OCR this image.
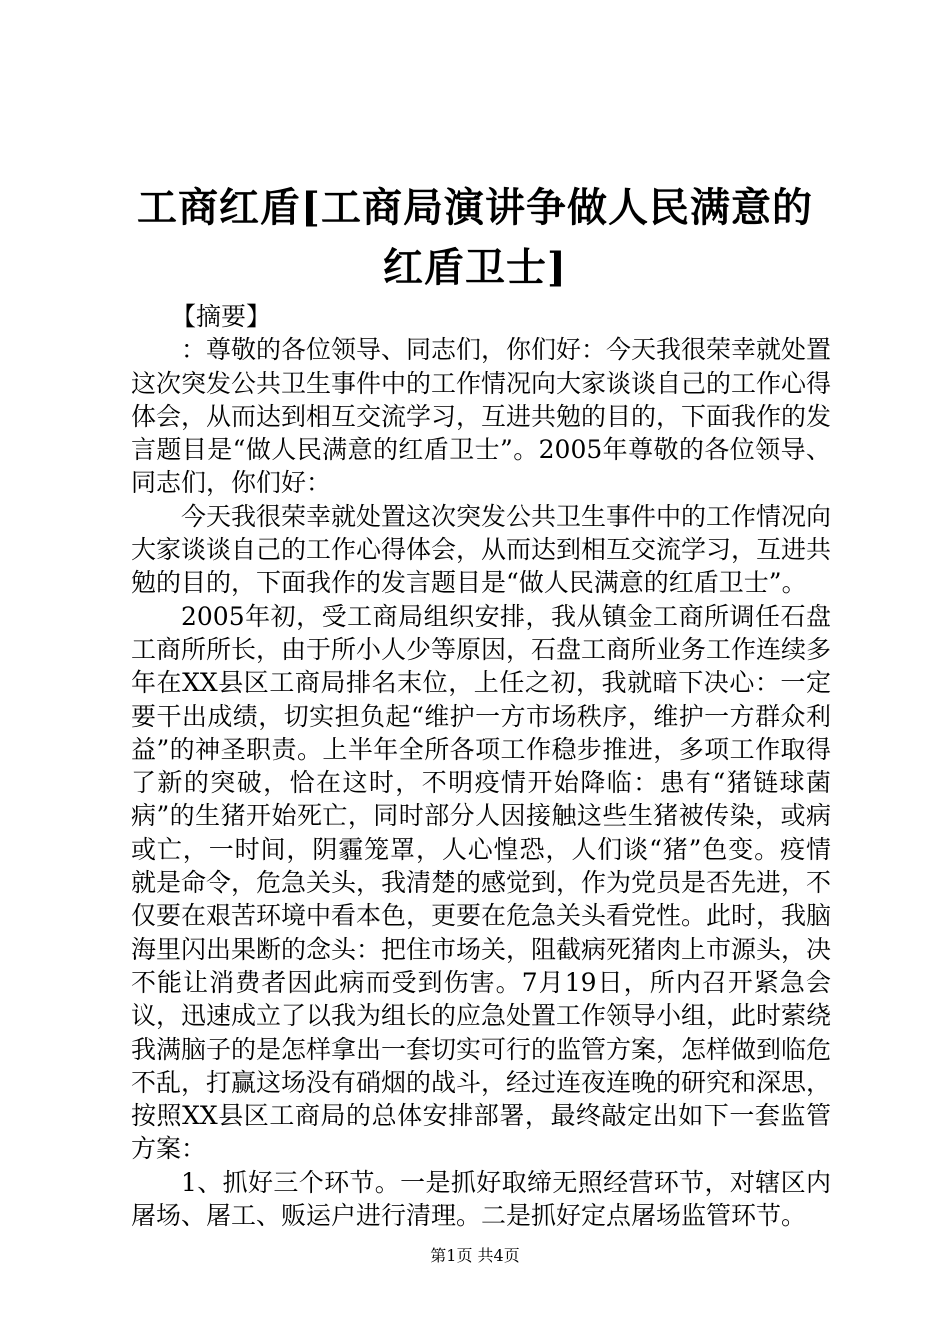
工商红盾[工商局演讲争做人民满意的红盾卫士]

【摘要】

：尊敬的各位领导、同志们，你们好：今天我很荣幸就处置这次突发公共卫生事件中的工作情况向大家谈谈自己的工作心得体会，从而达到相互交流学习，互进共勉的目的，下面我作的发言题目是“做人民满意的红盾卫士”。2005年尊敬的各位领导、同志们，你们好：

今天我很荣幸就处置这次突发公共卫生事件中的工作情况向大家谈谈自己的工作心得体会，从而达到相互交流学习，互进共勉的目的，下面我作的发言题目是“做人民满意的红盾卫士”。

2005年初，受工商局组织安排，我从镇金工商所调任石盘工商所所长，由于所小人少等原因，石盘工商所业务工作连续多年在XX县区工商局排名末位，上任之初，我就暗下决心：一定要干出成绩，切实担负起“维护一方市场秩序，维护一方群众利益”的神圣职责。上半年全所各项工作稳步推进，多项工作取得了新的突破，恰在这时，不明疫情开始降临：患有“猪链球菌病”的生猪开始死亡，同时部分人因接触这些生猪被传染，或病或亡，一时间，阴霾笼罩，人心惶恐，人们谈“猪”色变。疫情就是命令，危急关头，我清楚的感觉到，作为党员是否先进，不仅要在艰苦环境中看本色，更要在危急关头看党性。此时，我脑海里闪出果断的念头：把住市场关，阻截病死猪肉上市源头，决不能让消费者因此病而受到伤害。7月19日，所内召开紧急会议，迅速成立了以我为组长的应急处置工作领导小组，此时萦绕我满脑子的是怎样拿出一套切实可行的监管方案，怎样做到临危不乱，打赢这场没有硝烟的战斗，经过连夜连晚的研究和深思，按照XX县区工商局的总体安排部署，最终敲定出如下一套监管方案：

1、抓好三个环节。一是抓好取缔无照经营环节，对辖区内屠场、屠工、贩运户进行清理。二是抓好定点屠场监管环节。

第1页 共4页
